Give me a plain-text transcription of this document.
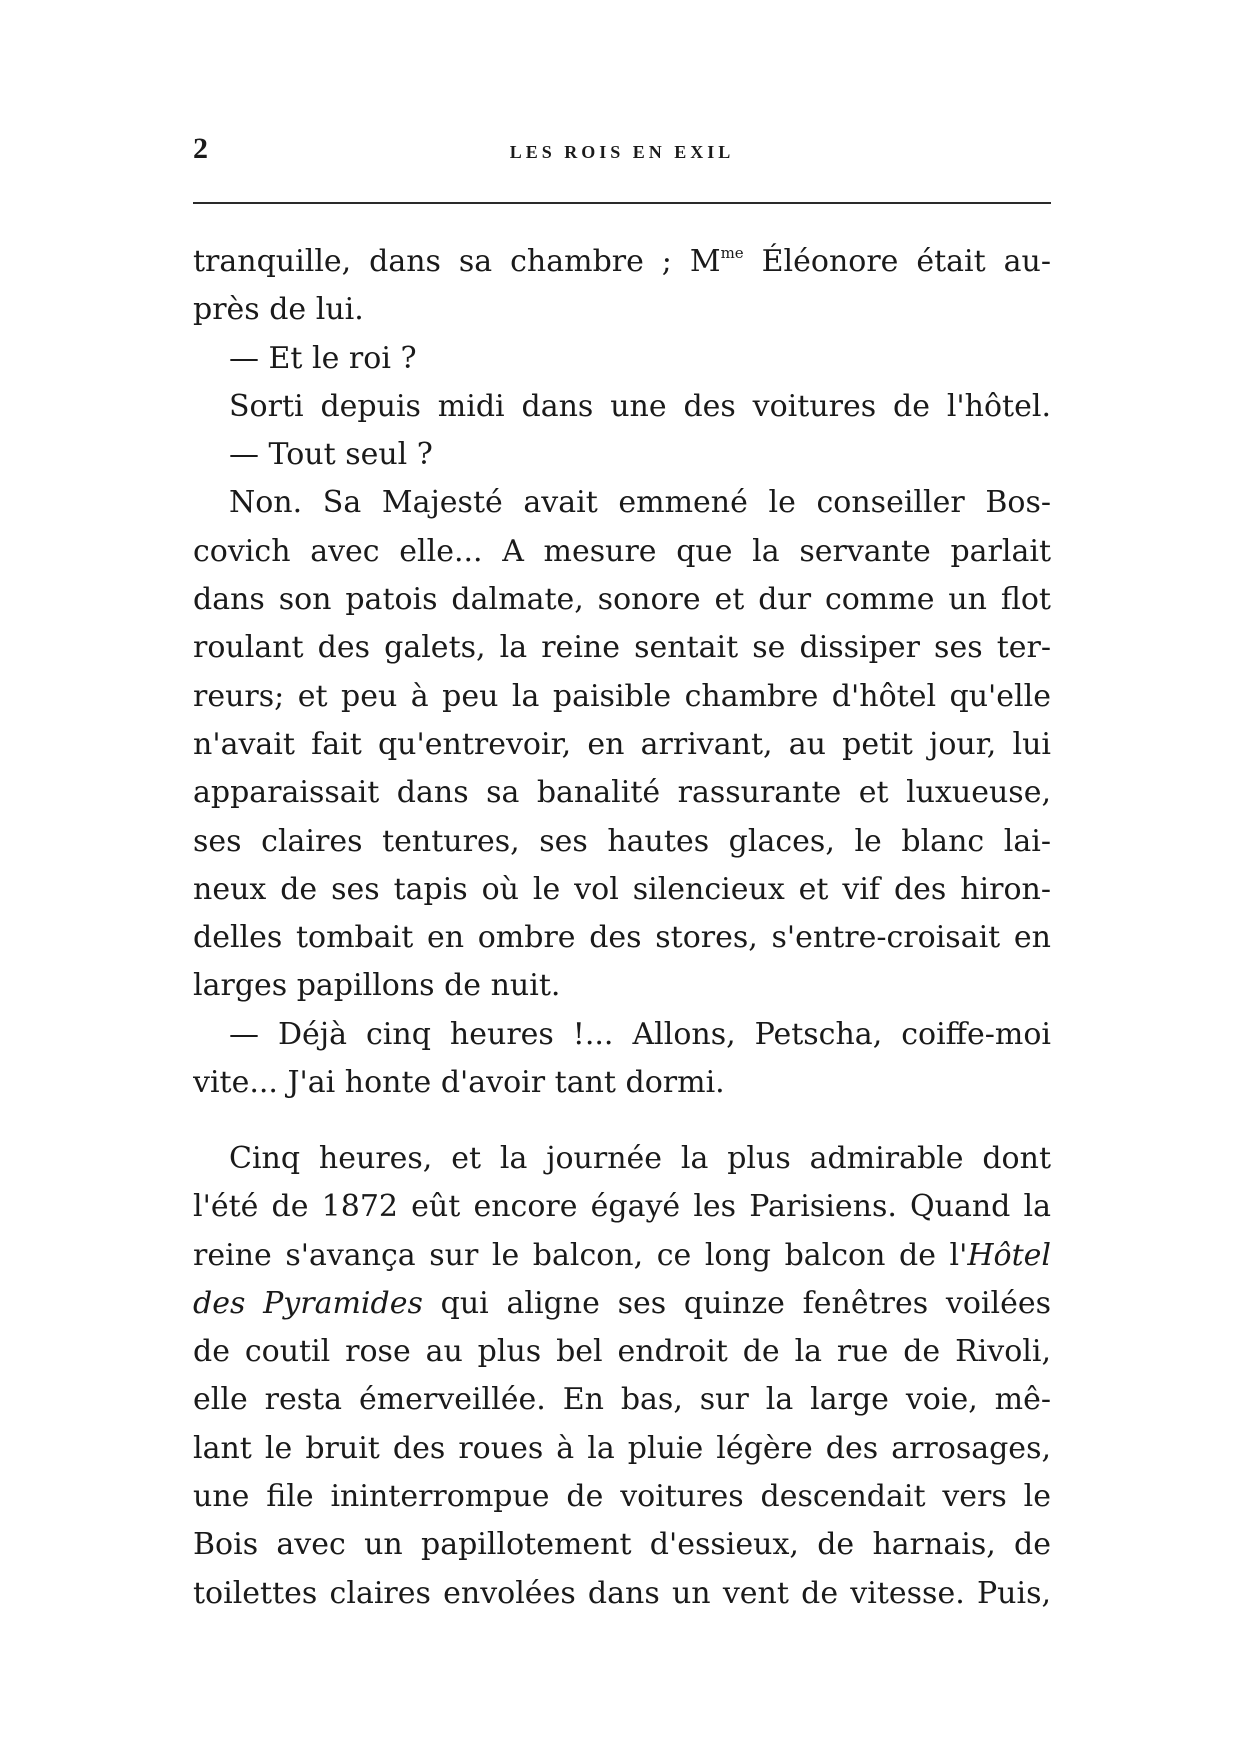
2	LES ROIS EN EXIL
tranquille, dans sa chambre ; $M^{me}$ Éléonore était au-
près de lui.
— Et le roi ?
Sorti depuis midi dans une des voitures de l'hôtel.
— Tout seul ?
Non. Sa Majesté avait emmené le conseiller Bos-
covich avec elle... A mesure que la servante parlait
dans son patois dalmate, sonore et dur comme un flot
roulant des galets, la reine sentait se dissiper ses ter-
reurs; et peu à peu la paisible chambre d'hôtel qu'elle
n'avait fait qu'entrevoir, en arrivant, au petit jour, lui
apparaissait dans sa banalité rassurante et luxueuse,
ses claires tentures, ses hautes glaces, le blanc lai-
neux de ses tapis où le vol silencieux et vif des hiron-
delles tombait en ombre des stores, s'entre-croisait en
larges papillons de nuit.
— Déjà cinq heures !... Allons, Petscha, coiffe-moi
vite... J'ai honte d'avoir tant dormi.
Cinq heures, et la journée la plus admirable dont
l'été de 1872 eût encore égayé les Parisiens. Quand la
reine s'avança sur le balcon, ce long balcon de l'Hôtel
des Pyramides qui aligne ses quinze fenêtres voilées
de coutil rose au plus bel endroit de la rue de Rivoli,
elle resta émerveillée. En bas, sur la large voie, mê-
lant le bruit des roues à la pluie légère des arrosages,
une file ininterrompue de voitures descendait vers le
Bois avec un papillotement d'essieux, de harnais, de
toilettes claires envolées dans un vent de vitesse. Puis,
